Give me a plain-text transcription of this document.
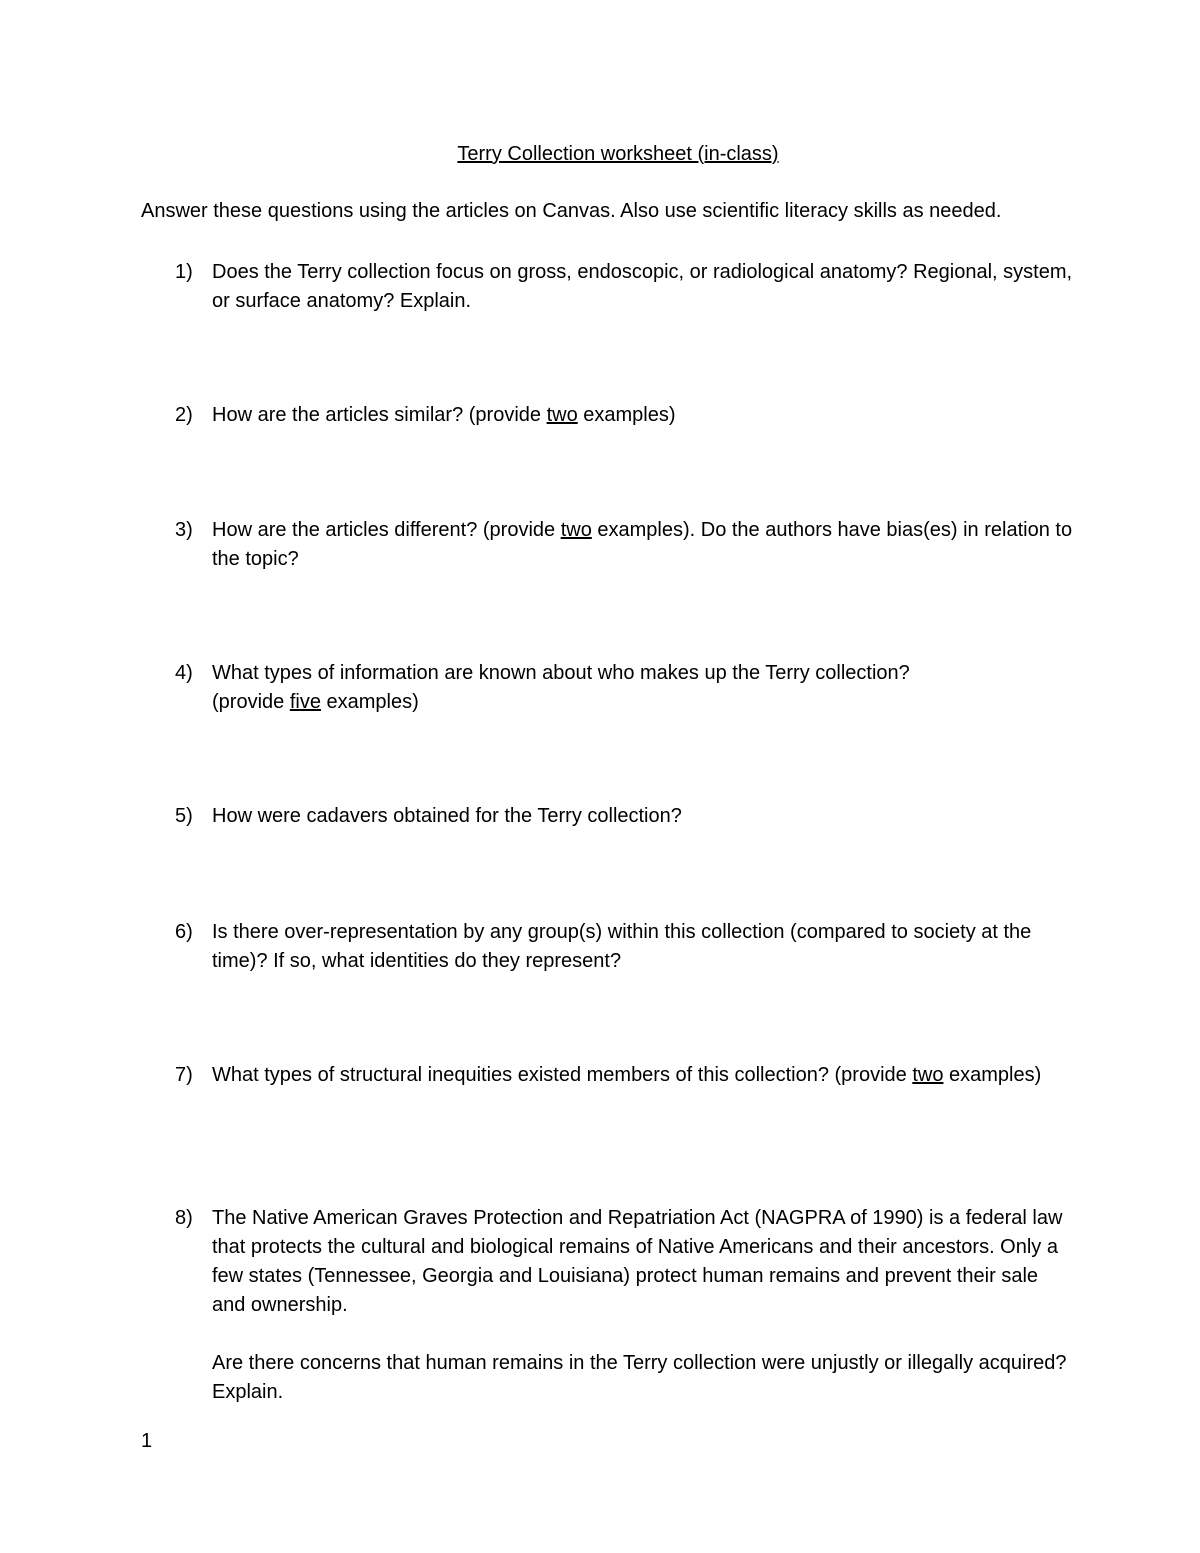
Terry Collection worksheet (in-class)
Answer these questions using the articles on Canvas. Also use scientific literacy skills as needed.
1) Does the Terry collection focus on gross, endoscopic, or radiological anatomy? Regional, system, or surface anatomy? Explain.
2) How are the articles similar? (provide two examples)
3) How are the articles different? (provide two examples). Do the authors have bias(es) in relation to the topic?
4) What types of information are known about who makes up the Terry collection?
(provide five examples)
5) How were cadavers obtained for the Terry collection?
6) Is there over-representation by any group(s) within this collection (compared to society at the time)? If so, what identities do they represent?
7) What types of structural inequities existed members of this collection? (provide two examples)
8) The Native American Graves Protection and Repatriation Act (NAGPRA of 1990) is a federal law that protects the cultural and biological remains of Native Americans and their ancestors. Only a few states (Tennessee, Georgia and Louisiana) protect human remains and prevent their sale and ownership.
Are there concerns that human remains in the Terry collection were unjustly or illegally acquired? Explain.
1
